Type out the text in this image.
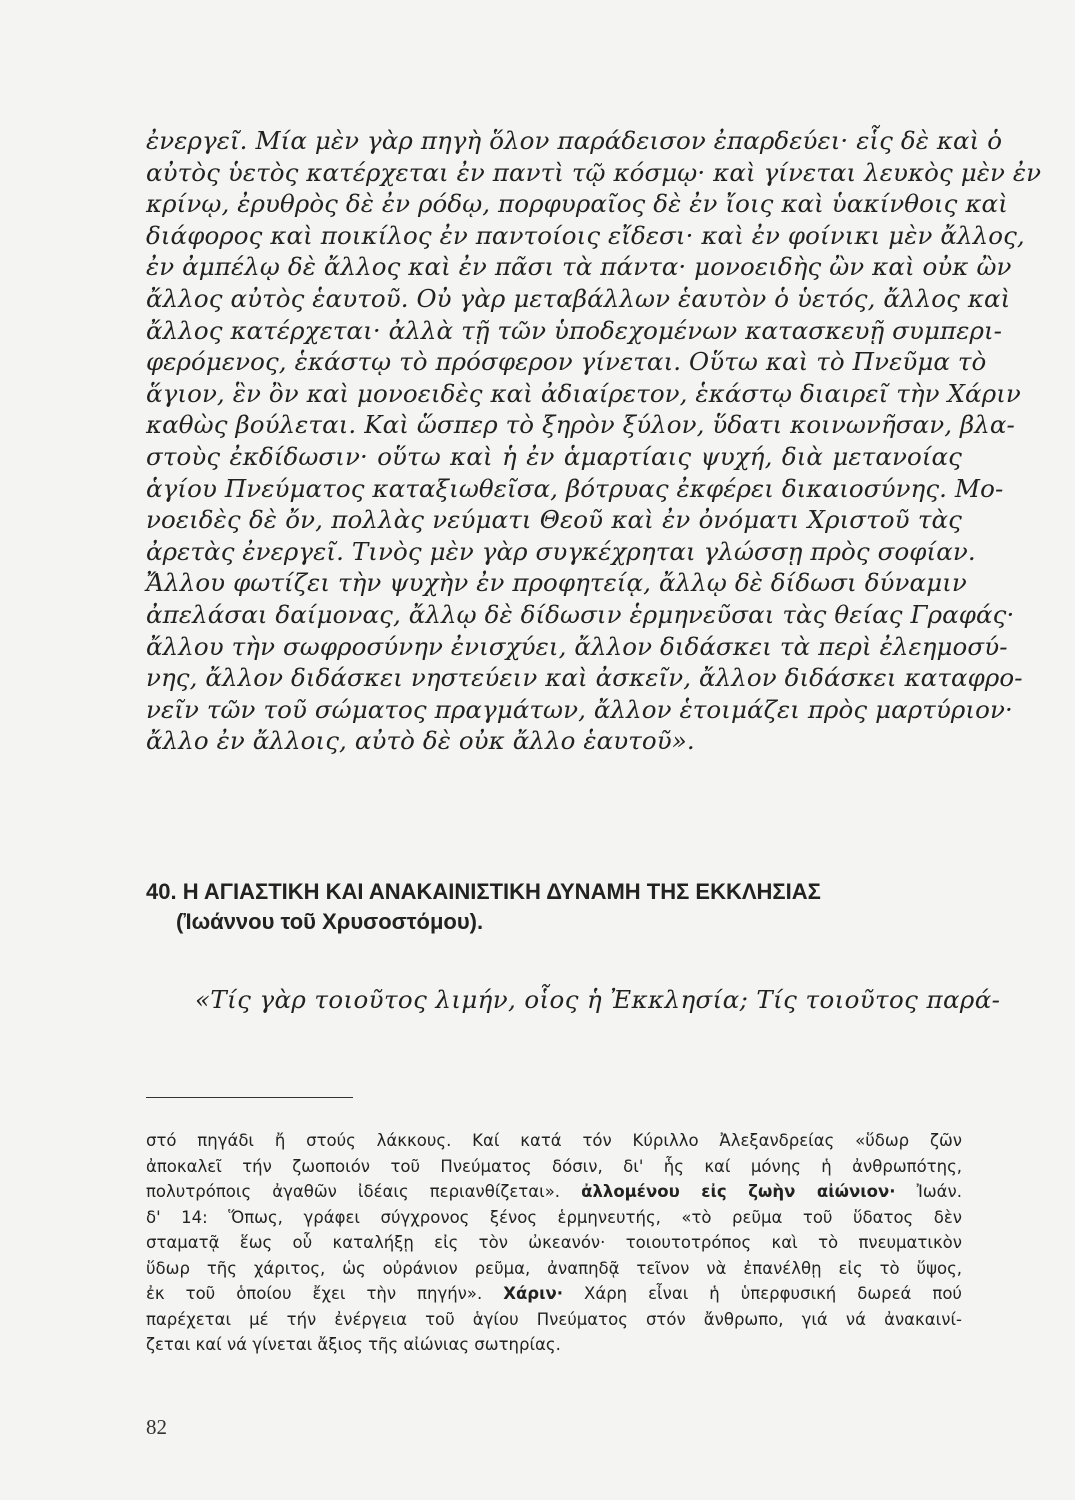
ἐνεργεῖ. Μία μὲν γὰρ πηγὴ ὅλον παράδεισον ἐπαρδεύει· εἷς δὲ καὶ ὁ
αὐτὸς ὑετὸς κατέρχεται ἐν παντὶ τῷ κόσμῳ· καὶ γίνεται λευκὸς μὲν ἐν
κρίνῳ, ἐρυθρὸς δὲ ἐν ρόδῳ, πορφυραῖος δὲ ἐν ἴοις καὶ ὑακίνθοις καὶ
διάφορος καὶ ποικίλος ἐν παντοίοις εἴδεσι· καὶ ἐν φοίνικι μὲν ἄλλος,
ἐν ἀμπέλῳ δὲ ἄλλος καὶ ἐν πᾶσι τὰ πάντα· μονοειδὴς ὢν καὶ οὐκ ὢν
ἄλλος αὐτὸς ἑαυτοῦ. Οὐ γὰρ μεταβάλλων ἑαυτὸν ὁ ὑετός, ἄλλος καὶ
ἄλλος κατέρχεται· ἀλλὰ τῇ τῶν ὑποδεχομένων κατασκευῇ συμπερι-
φερόμενος, ἑκάστῳ τὸ πρόσφερον γίνεται. Οὕτω καὶ τὸ Πνεῦμα τὸ
ἅγιον, ἓν ὂν καὶ μονοειδὲς καὶ ἀδιαίρετον, ἑκάστῳ διαιρεῖ τὴν Χάριν
καθὼς βούλεται. Καὶ ὥσπερ τὸ ξηρὸν ξύλον, ὕδατι κοινωνῆσαν, βλα-
στοὺς ἐκδίδωσιν· οὕτω καὶ ἡ ἐν ἁμαρτίαις ψυχή, διὰ μετανοίας
ἁγίου Πνεύματος καταξιωθεῖσα, βότρυας ἐκφέρει δικαιοσύνης. Μο-
νοειδὲς δὲ ὄν, πολλὰς νεύματι Θεοῦ καὶ ἐν ὀνόματι Χριστοῦ τὰς
ἀρετὰς ἐνεργεῖ. Τινὸς μὲν γὰρ συγκέχρηται γλώσσῃ πρὸς σοφίαν.
Ἄλλου φωτίζει τὴν ψυχὴν ἐν προφητείᾳ, ἄλλῳ δὲ δίδωσι δύναμιν
ἀπελάσαι δαίμονας, ἄλλῳ δὲ δίδωσιν ἑρμηνεῦσαι τὰς θείας Γραφάς·
ἄλλου τὴν σωφροσύνην ἐνισχύει, ἄλλον διδάσκει τὰ περὶ ἐλεημοσύ-
νης, ἄλλον διδάσκει νηστεύειν καὶ ἀσκεῖν, ἄλλον διδάσκει καταφρο-
νεῖν τῶν τοῦ σώματος πραγμάτων, ἄλλον ἑτοιμάζει πρὸς μαρτύριον·
ἄλλο ἐν ἄλλοις, αὐτὸ δὲ οὐκ ἄλλο ἑαυτοῦ».
40. Η ΑΓΙΑΣΤΙΚΗ ΚΑΙ ΑΝΑΚΑΙΝΙΣΤΙΚΗ ΔΥΝΑΜΗ ΤΗΣ ΕΚΚΛΗΣΙΑΣ
(Ἰωάννου τοῦ Χρυσοστόμου).
«Τίς γὰρ τοιοῦτος λιμήν, οἷος ἡ Ἐκκλησία; Τίς τοιοῦτος παρά-
στό πηγάδι ἤ στούς λάκκους. Καί κατά τόν Κύριλλο Ἀλεξανδρείας «ὕδωρ ζῶν
ἀποκαλεῖ τήν ζωοποιόν τοῦ Πνεύματος δόσιν, δι' ἧς καί μόνης ἡ ἀνθρωπότης,
πολυτρόποις ἀγαθῶν ἰδέαις περιανθίζεται». ἀλλομένου εἰς ζωὴν αἰώνιον· Ἰωάν.
δ' 14: Ὅπως, γράφει σύγχρονος ξένος ἑρμηνευτής, «τὸ ρεῦμα τοῦ ὕδατος δὲν
σταματᾷ ἕως οὗ καταλήξῃ εἰς τὸν ὠκεανόν· τοιουτοτρόπος καὶ τὸ πνευματικὸν
ὕδωρ τῆς χάριτος, ὡς οὐράνιον ρεῦμα, ἀναπηδᾷ τεῖνον νὰ ἐπανέλθῃ εἰς τὸ ὕψος,
ἐκ τοῦ ὁποίου ἔχει τὴν πηγήν». Χάριν· Χάρη εἶναι ἡ ὑπερφυσική δωρεά πού
παρέχεται μέ τήν ἐνέργεια τοῦ ἁγίου Πνεύματος στόν ἄνθρωπο, γιά νά ἀνακαινί-
ζεται καί νά γίνεται ἄξιος τῆς αἰώνιας σωτηρίας.
82
